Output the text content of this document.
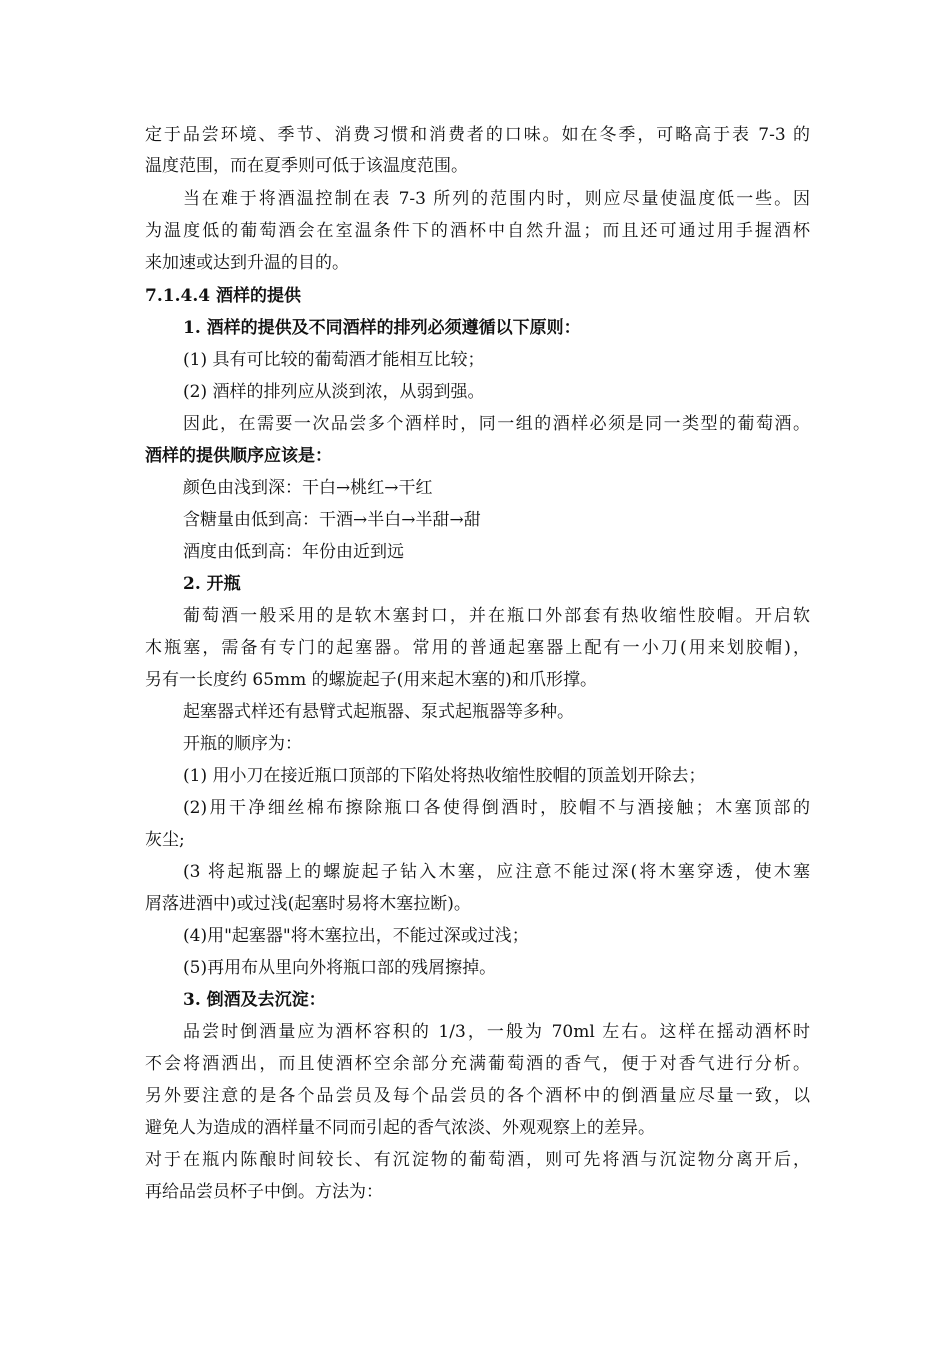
定于品尝环境、季节、消费习惯和消费者的口味。如在冬季，可略高于表 7-3 的
温度范围，而在夏季则可低于该温度范围。
当在难于将酒温控制在表 7-3 所列的范围内时，则应尽量使温度低一些。因
为温度低的葡萄酒会在室温条件下的酒杯中自然升温；而且还可通过用手握酒杯
来加速或达到升温的目的。
7.1.4.4 酒样的提供
1. 酒样的提供及不同酒样的排列必须遵循以下原则：
(1) 具有可比较的葡萄酒才能相互比较；
(2) 酒样的排列应从淡到浓，从弱到强。
因此，在需要一次品尝多个酒样时，同一组的酒样必须是同一类型的葡萄酒。
酒样的提供顺序应该是：
颜色由浅到深：干白→桃红→干红
含糖量由低到高：干酒→半白→半甜→甜
酒度由低到高：年份由近到远
2. 开瓶
葡萄酒一般采用的是软木塞封口，并在瓶口外部套有热收缩性胶帽。开启软
木瓶塞，需备有专门的起塞器。常用的普通起塞器上配有一小刀(用来划胶帽)，
另有一长度约 65mm 的螺旋起子(用来起木塞的)和爪形撑。
起塞器式样还有悬臂式起瓶器、泵式起瓶器等多种。
开瓶的顺序为：
(1) 用小刀在接近瓶口顶部的下陷处将热收缩性胶帽的顶盖划开除去；
(2)用干净细丝棉布擦除瓶口各使得倒酒时，胶帽不与酒接触；木塞顶部的
灰尘;
(3 将起瓶器上的螺旋起子钻入木塞，应注意不能过深(将木塞穿透，使木塞
屑落进酒中)或过浅(起塞时易将木塞拉断)。
(4)用"起塞器"将木塞拉出，不能过深或过浅；
(5)再用布从里向外将瓶口部的残屑擦掉。
3. 倒酒及去沉淀：
品尝时倒酒量应为酒杯容积的 1/3，一般为 70ml 左右。这样在摇动酒杯时
不会将酒洒出，而且使酒杯空余部分充满葡萄酒的香气，便于对香气进行分析。
另外要注意的是各个品尝员及每个品尝员的各个酒杯中的倒酒量应尽量一致，以
避免人为造成的酒样量不同而引起的香气浓淡、外观观察上的差异。
对于在瓶内陈酿时间较长、有沉淀物的葡萄酒，则可先将酒与沉淀物分离开后，
再给品尝员杯子中倒。方法为：
